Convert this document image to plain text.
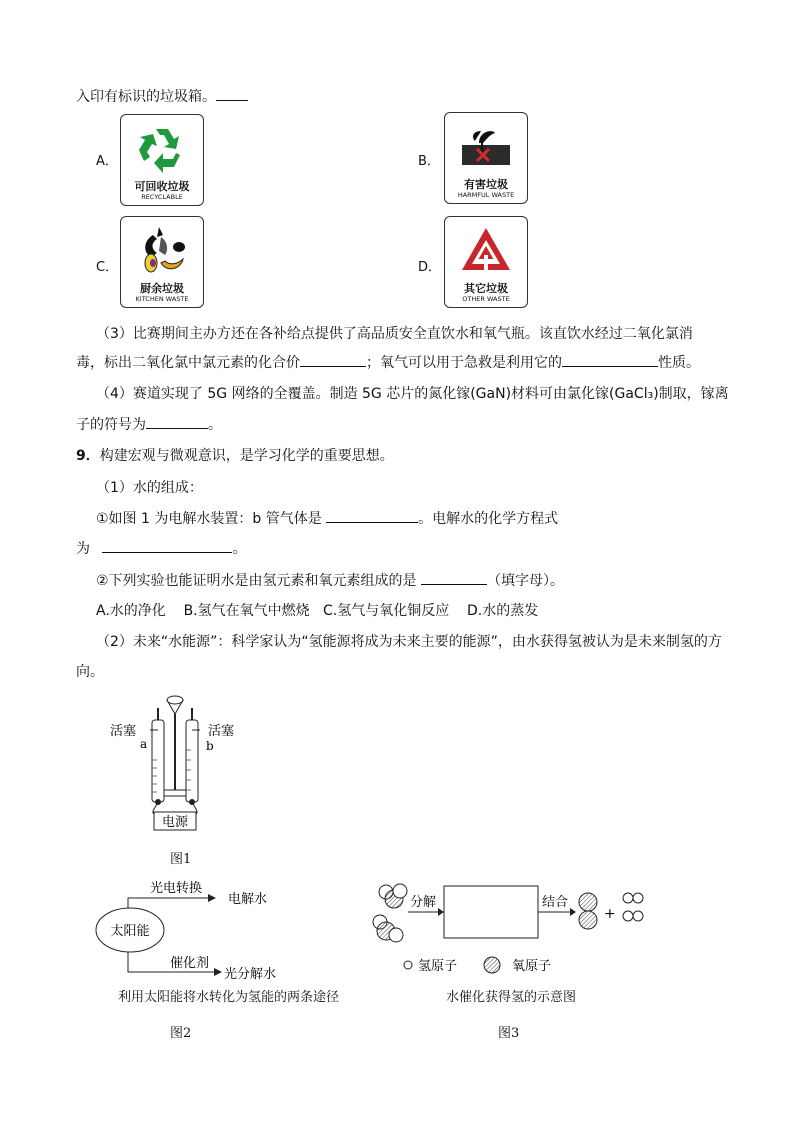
入印有标识的垃圾箱。
A．
可回收垃圾
RECYCLABLE
B．
有害垃圾
HARMFUL WASTE
C．
厨余垃圾
KITCHEN WASTE
D．
其它垃圾
OTHER WASTE
（3）比赛期间主办方还在各补给点提供了高品质安全直饮水和氧气瓶。该直饮水经过二氧化氯消
毒，标出二氧化氯中氯元素的化合价	；氧气可以用于急救是利用它的	性质。
（4）赛道实现了 5G 网络的全覆盖。制造 5G 芯片的氮化镓(GaN)材料可由氯化镓(GaCl₃)制取，镓离
子的符号为	。
9．构建宏观与微观意识，是学习化学的重要思想。
（1）水的组成：
①如图 1 为电解水装置：b 管气体是	。电解水的化学方程式
为	。
②下列实验也能证明水是由氢元素和氧元素组成的是	（填字母）。
A.水的净化    B.氢气在氧气中燃烧   C.氢气与氧化铜反应    D.水的蒸发
（2）未来“水能源”：科学家认为“氢能源将成为未来主要的能源”，由水获得氢被认为是未来制氢的方
向。
电源
活塞	活塞
a	b
图1
太阳能
光电转换
电解水
催化剂
光分解水
利用太阳能将水转化为氢能的两条途径
图2
分解	结合
+
氢原子	氧原子
水催化获得氢的示意图
图3
